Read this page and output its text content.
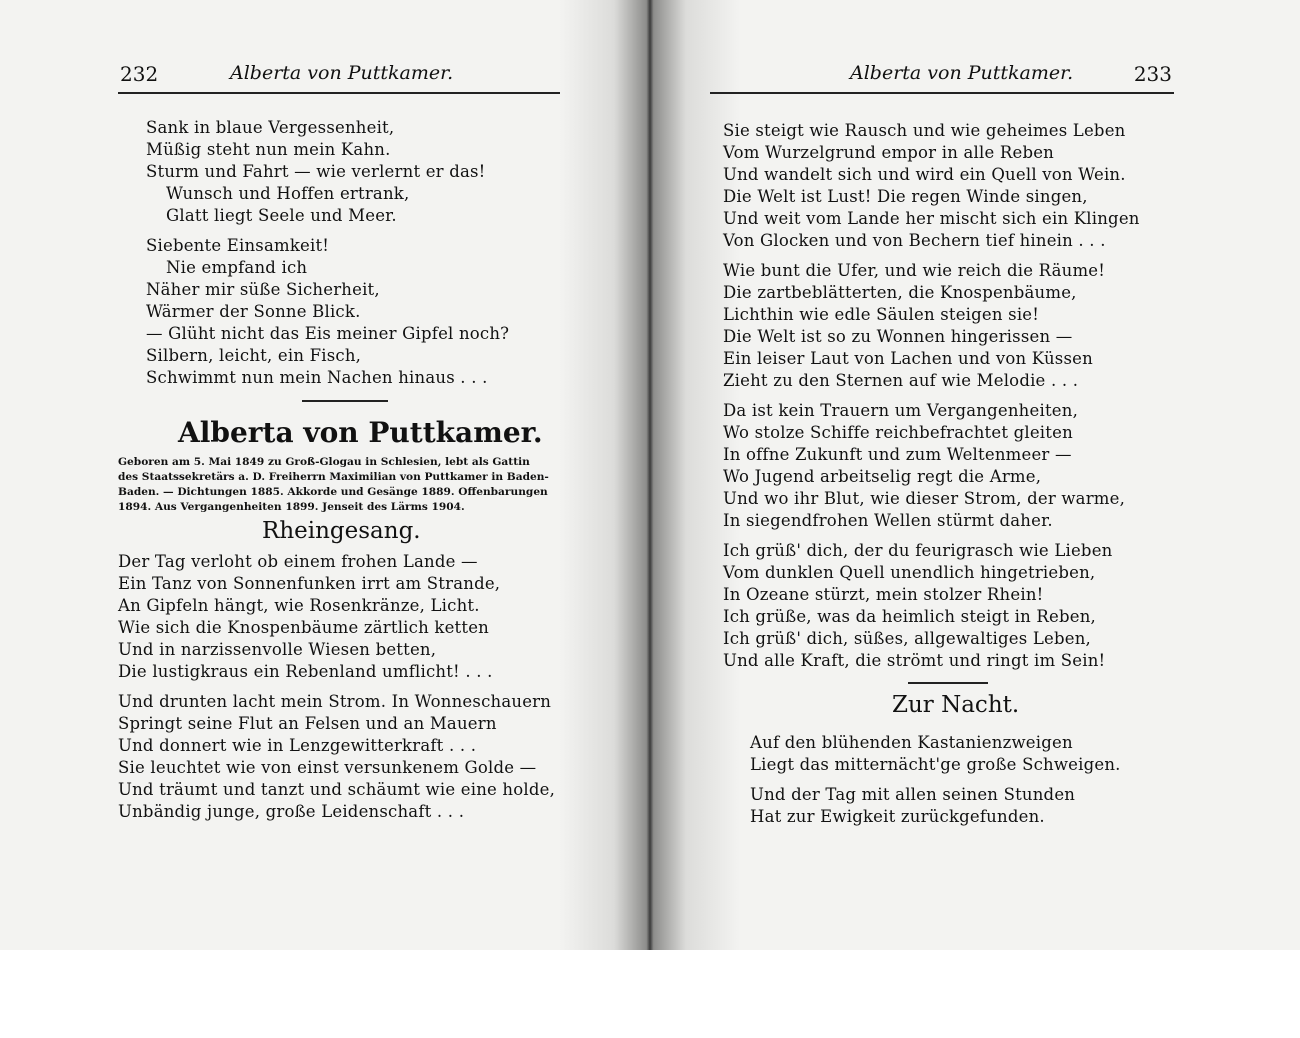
232	Alberta von Puttkamer.
Sank in blaue Vergessenheit,
Müßig steht nun mein Kahn.
Sturm und Fahrt — wie verlernt er das!
Wunsch und Hoffen ertrank,
Glatt liegt Seele und Meer.
Siebente Einsamkeit!
Nie empfand ich
Näher mir süße Sicherheit,
Wärmer der Sonne Blick.
— Glüht nicht das Eis meiner Gipfel noch?
Silbern, leicht, ein Fisch,
Schwimmt nun mein Nachen hinaus . . .
Alberta von Puttkamer.
Geboren am 5. Mai 1849 zu Groß-Glogau in Schlesien, lebt als Gattin
des Staatssekretärs a. D. Freiherrn Maximilian von Puttkamer in Baden-
Baden. — Dichtungen 1885. Akkorde und Gesänge 1889. Offenbarungen
1894. Aus Vergangenheiten 1899. Jenseit des Lärms 1904.
Rheingesang.
Der Tag verloht ob einem frohen Lande —
Ein Tanz von Sonnenfunken irrt am Strande,
An Gipfeln hängt, wie Rosenkränze, Licht.
Wie sich die Knospenbäume zärtlich ketten
Und in narzissenvolle Wiesen betten,
Die lustigkraus ein Rebenland umflicht! . . .
Und drunten lacht mein Strom. In Wonneschauern
Springt seine Flut an Felsen und an Mauern
Und donnert wie in Lenzgewitterkraft . . .
Sie leuchtet wie von einst versunkenem Golde —
Und träumt und tanzt und schäumt wie eine holde,
Unbändig junge, große Leidenschaft . . .
Alberta von Puttkamer.	233
Sie steigt wie Rausch und wie geheimes Leben
Vom Wurzelgrund empor in alle Reben
Und wandelt sich und wird ein Quell von Wein.
Die Welt ist Lust! Die regen Winde singen,
Und weit vom Lande her mischt sich ein Klingen
Von Glocken und von Bechern tief hinein . . .
Wie bunt die Ufer, und wie reich die Räume!
Die zartbeblätterten, die Knospenbäume,
Lichthin wie edle Säulen steigen sie!
Die Welt ist so zu Wonnen hingerissen —
Ein leiser Laut von Lachen und von Küssen
Zieht zu den Sternen auf wie Melodie . . .
Da ist kein Trauern um Vergangenheiten,
Wo stolze Schiffe reichbefrachtet gleiten
In offne Zukunft und zum Weltenmeer —
Wo Jugend arbeitselig regt die Arme,
Und wo ihr Blut, wie dieser Strom, der warme,
In siegendfrohen Wellen stürmt daher.
Ich grüß' dich, der du feurigrasch wie Lieben
Vom dunklen Quell unendlich hingetrieben,
In Ozeane stürzt, mein stolzer Rhein!
Ich grüße, was da heimlich steigt in Reben,
Ich grüß' dich, süßes, allgewaltiges Leben,
Und alle Kraft, die strömt und ringt im Sein!
Zur Nacht.
Auf den blühenden Kastanienzweigen
Liegt das mitternächt'ge große Schweigen.
Und der Tag mit allen seinen Stunden
Hat zur Ewigkeit zurückgefunden.
